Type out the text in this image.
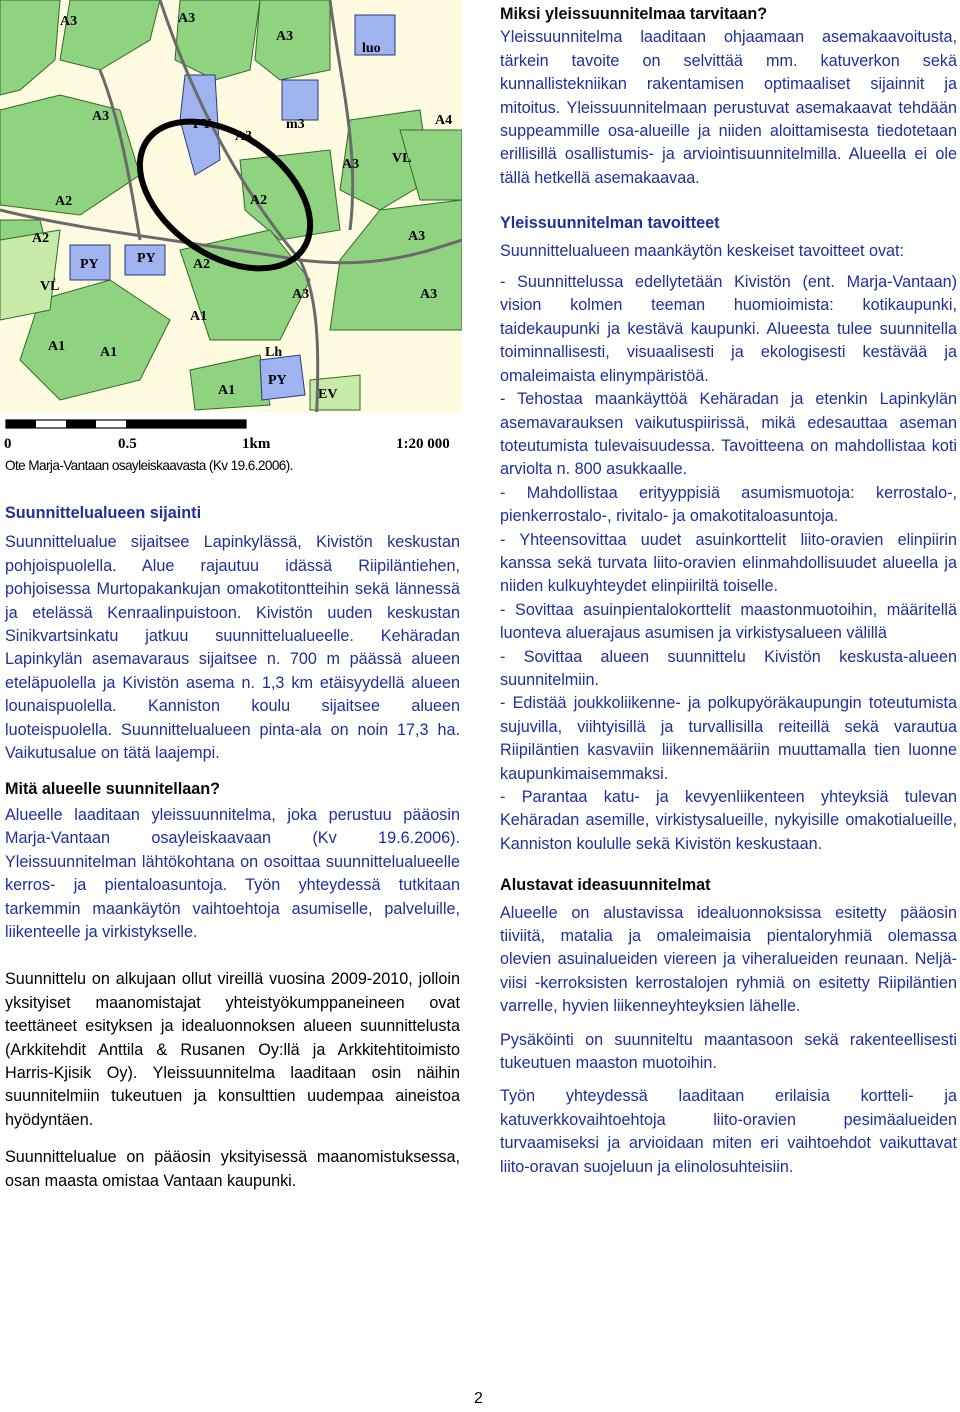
A3	A3
A3
A3
A3
A3
A3
A3	A3
PY
PY	PY
PY
A2	A2
A2
A2
A1
A1 A1
A1
A4
VL
VL
luo
m3
Lh
EV
0	0.5	1km	1:20 000
Ote Marja-Vantaan osayleiskaavasta (Kv 19.6.2006).

Suunnittelualueen sijainti

Suunnittelualue sijaitsee Lapinkylässä, Kivistön keskustan pohjoispuolella. Alue rajautuu idässä Riipiläntiehen, pohjoisessa Murtopakankujan omakotitontteihin sekä lännessä ja etelässä Kenraalinpuistoon. Kivistön uuden keskustan Sinikvartsinkatu jatkuu suunnittelualueelle. Kehäradan Lapinkylän asemavaraus sijaitsee n. 700 m päässä alueen eteläpuolella ja Kivistön asema n. 1,3 km etäisyydellä alueen lounaispuolella. Kanniston koulu sijaitsee alueen luoteispuolella. Suunnittelualueen pinta-ala on noin 17,3 ha. Vaikutusalue on tätä laajempi.

Mitä alueelle suunnitellaan?

Alueelle laaditaan yleissuunnitelma, joka perustuu pääosin Marja-Vantaan osayleiskaavaan (Kv 19.6.2006). Yleissuunnitelman lähtökohtana on osoittaa suunnittelualueelle kerros- ja pientaloasuntoja. Työn yhteydessä tutkitaan tarkemmin maankäytön vaihtoehtoja asumiselle, palveluille, liikenteelle ja virkistykselle.

Suunnittelu on alkujaan ollut vireillä vuosina 2009-2010, jolloin yksityiset maanomistajat yhteistyökumppaneineen ovat teettäneet esityksen ja idealuonnoksen alueen suunnittelusta (Arkkitehdit Anttila & Rusanen Oy:llä ja Arkkitehtitoimisto Harris-Kjisik Oy). Yleissuunnitelma laaditaan osin näihin suunnitelmiin tukeutuen ja konsulttien uudempaa aineistoa hyödyntäen.

Suunnittelualue on pääosin yksityisessä maanomistuksessa, osan maasta omistaa Vantaan kaupunki.

Miksi yleissuunnitelmaa tarvitaan?

Yleissuunnitelma laaditaan ohjaamaan asemakaavoitusta, tärkein tavoite on selvittää mm. katuverkon sekä kunnallistekniikan rakentamisen optimaaliset sijainnit ja mitoitus. Yleissuunnitelmaan perustuvat asemakaavat tehdään suppeammille osa-alueille ja niiden aloittamisesta tiedotetaan erillisillä osallistumis- ja arviointisuunnitelmilla. Alueella ei ole tällä hetkellä asemakaavaa.

Yleissuunnitelman tavoitteet

Suunnittelualueen maankäytön keskeiset tavoitteet ovat:

- Suunnittelussa edellytetään Kivistön (ent. Marja-Vantaan) vision kolmen teeman huomioimista: kotikaupunki, taidekaupunki ja kestävä kaupunki. Alueesta tulee suunnitella toiminnallisesti, visuaalisesti ja ekologisesti kestävää ja omaleimaista elinympäristöä.

- Tehostaa maankäyttöä Kehäradan ja etenkin Lapinkylän asemavarauksen vaikutuspiirissä, mikä edesauttaa aseman toteutumista tulevaisuudessa. Tavoitteena on mahdollistaa koti arviolta n. 800 asukkaalle.

- Mahdollistaa erityyppisiä asumismuotoja: kerrostalo-, pienkerrostalo-, rivitalo- ja omakotitaloasuntoja.

- Yhteensovittaa uudet asuinkorttelit liito-oravien elinpiirin kanssa sekä turvata liito-oravien elinmahdollisuudet alueella ja niiden kulkuyhteydet elinpiiriltä toiselle.

- Sovittaa asuinpientalokorttelit maastonmuotoihin, määritellä luonteva aluerajaus asumisen ja virkistysalueen välillä

- Sovittaa alueen suunnittelu Kivistön keskusta-alueen suunnitelmiin.

- Edistää joukkoliikenne- ja polkupyöräkaupungin toteutumista sujuvilla, viihtyisillä ja turvallisilla reiteillä sekä varautua Riipiläntien kasvaviin liikennemääriin muuttamalla tien luonne kaupunkimaisemmaksi.

- Parantaa katu- ja kevyenliikenteen yhteyksiä tulevan Kehäradan asemille, virkistysalueille, nykyisille omakotialueille, Kanniston koululle sekä Kivistön keskustaan.

Alustavat ideasuunnitelmat

Alueelle on alustavissa idealuonnoksissa esitetty pääosin tiiviitä, matalia ja omaleimaisia pientaloryhmiä olemassa olevien asuinalueiden viereen ja viheralueiden reunaan. Neljä-viisi -kerroksisten kerrostalojen ryhmiä on esitetty Riipiläntien varrelle, hyvien liikenneyhteyksien lähelle.

Pysäköinti on suunniteltu maantasoon sekä rakenteellisesti tukeutuen maaston muotoihin.

Työn yhteydessä laaditaan erilaisia kortteli- ja katuverkkovaihtoehtoja liito-oravien pesimäalueiden turvaamiseksi ja arvioidaan miten eri vaihtoehdot vaikuttavat liito-oravan suojeluun ja elinolosuhteisiin.

2
